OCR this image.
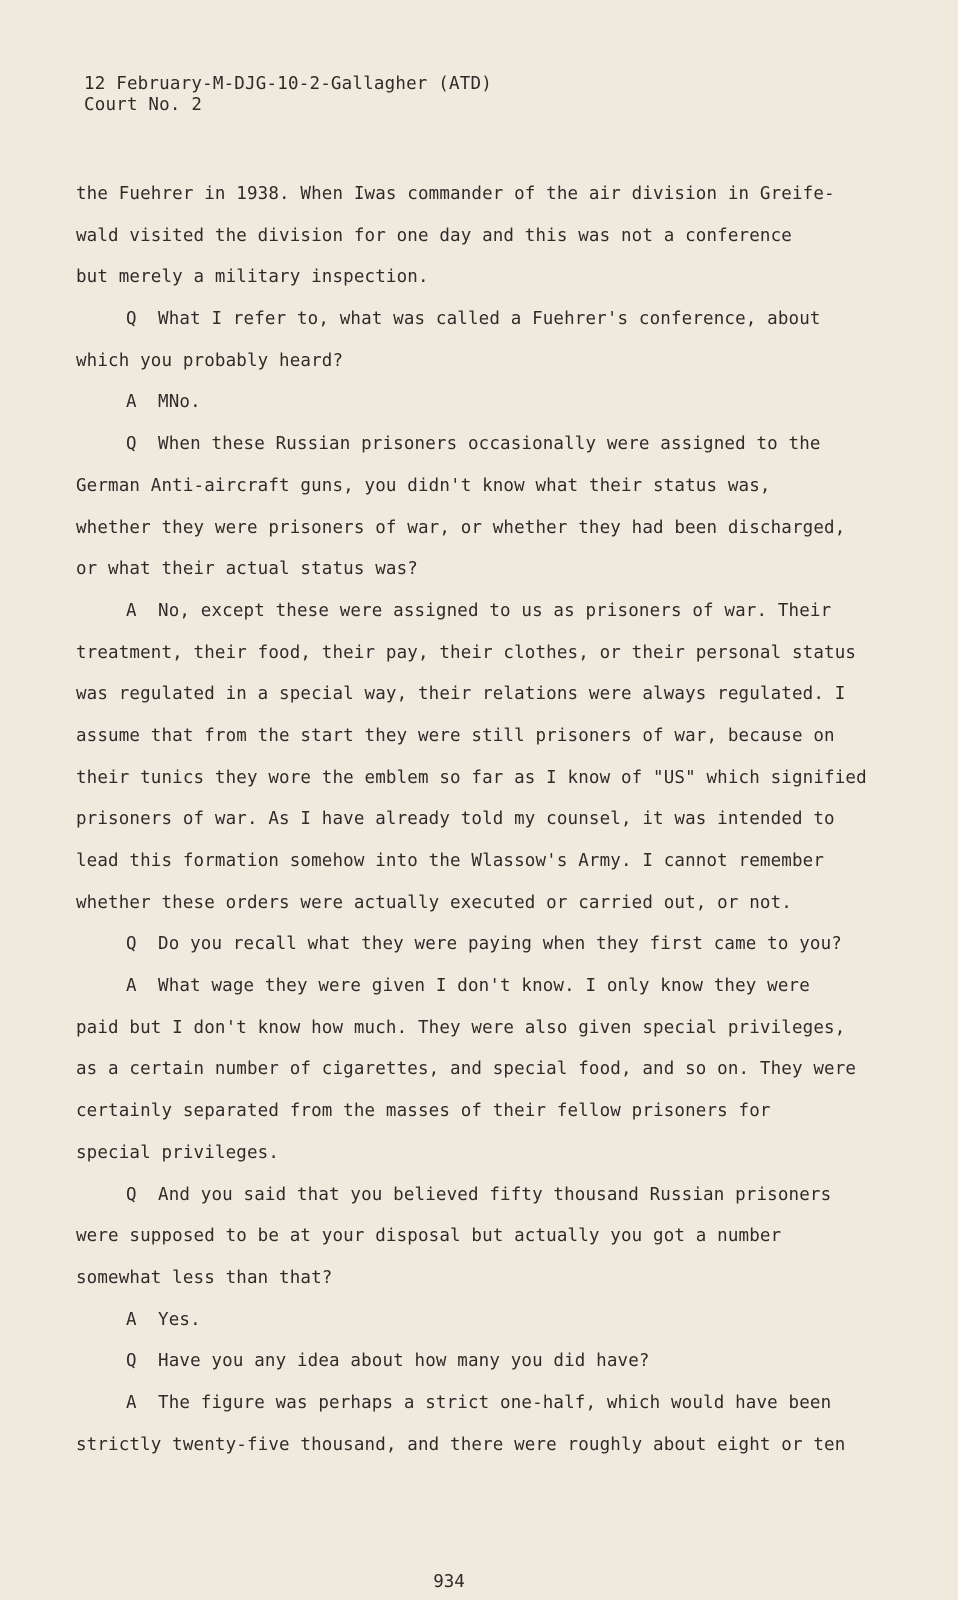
12 February-M-DJG-10-2-Gallagher (ATD)
Court No. 2
the Fuehrer in 1938. When Iwas commander of the air division in Greife-
wald visited the division for one day and this was not a conference
but merely a military inspection.
Q  What I refer to, what was called a Fuehrer's conference, about
which you probably heard?
A  MNo.
Q  When these Russian prisoners occasionally were assigned to the
German Anti-aircraft guns, you didn't know what their status was,
whether they were prisoners of war, or whether they had been discharged,
or what their actual status was?
A  No, except these were assigned to us as prisoners of war. Their
treatment, their food, their pay, their clothes, or their personal status
was regulated in a special way, their relations were always regulated. I
assume that from the start they were still prisoners of war, because on
their tunics they wore the emblem so far as I know of "US" which signified
prisoners of war. As I have already told my counsel, it was intended to
lead this formation somehow into the Wlassow's Army. I cannot remember
whether these orders were actually executed or carried out, or not.
Q  Do you recall what they were paying when they first came to you?
A  What wage they were given I don't know. I only know they were
paid but I don't know how much. They were also given special privileges,
as a certain number of cigarettes, and special food, and so on. They were
certainly separated from the masses of their fellow prisoners for
special privileges.
Q  And you said that you believed fifty thousand Russian prisoners
were supposed to be at your disposal but actually you got a number
somewhat less than that?
A  Yes.
Q  Have you any idea about how many you did have?
A  The figure was perhaps a strict one-half, which would have been
strictly twenty-five thousand, and there were roughly about eight or ten
934
